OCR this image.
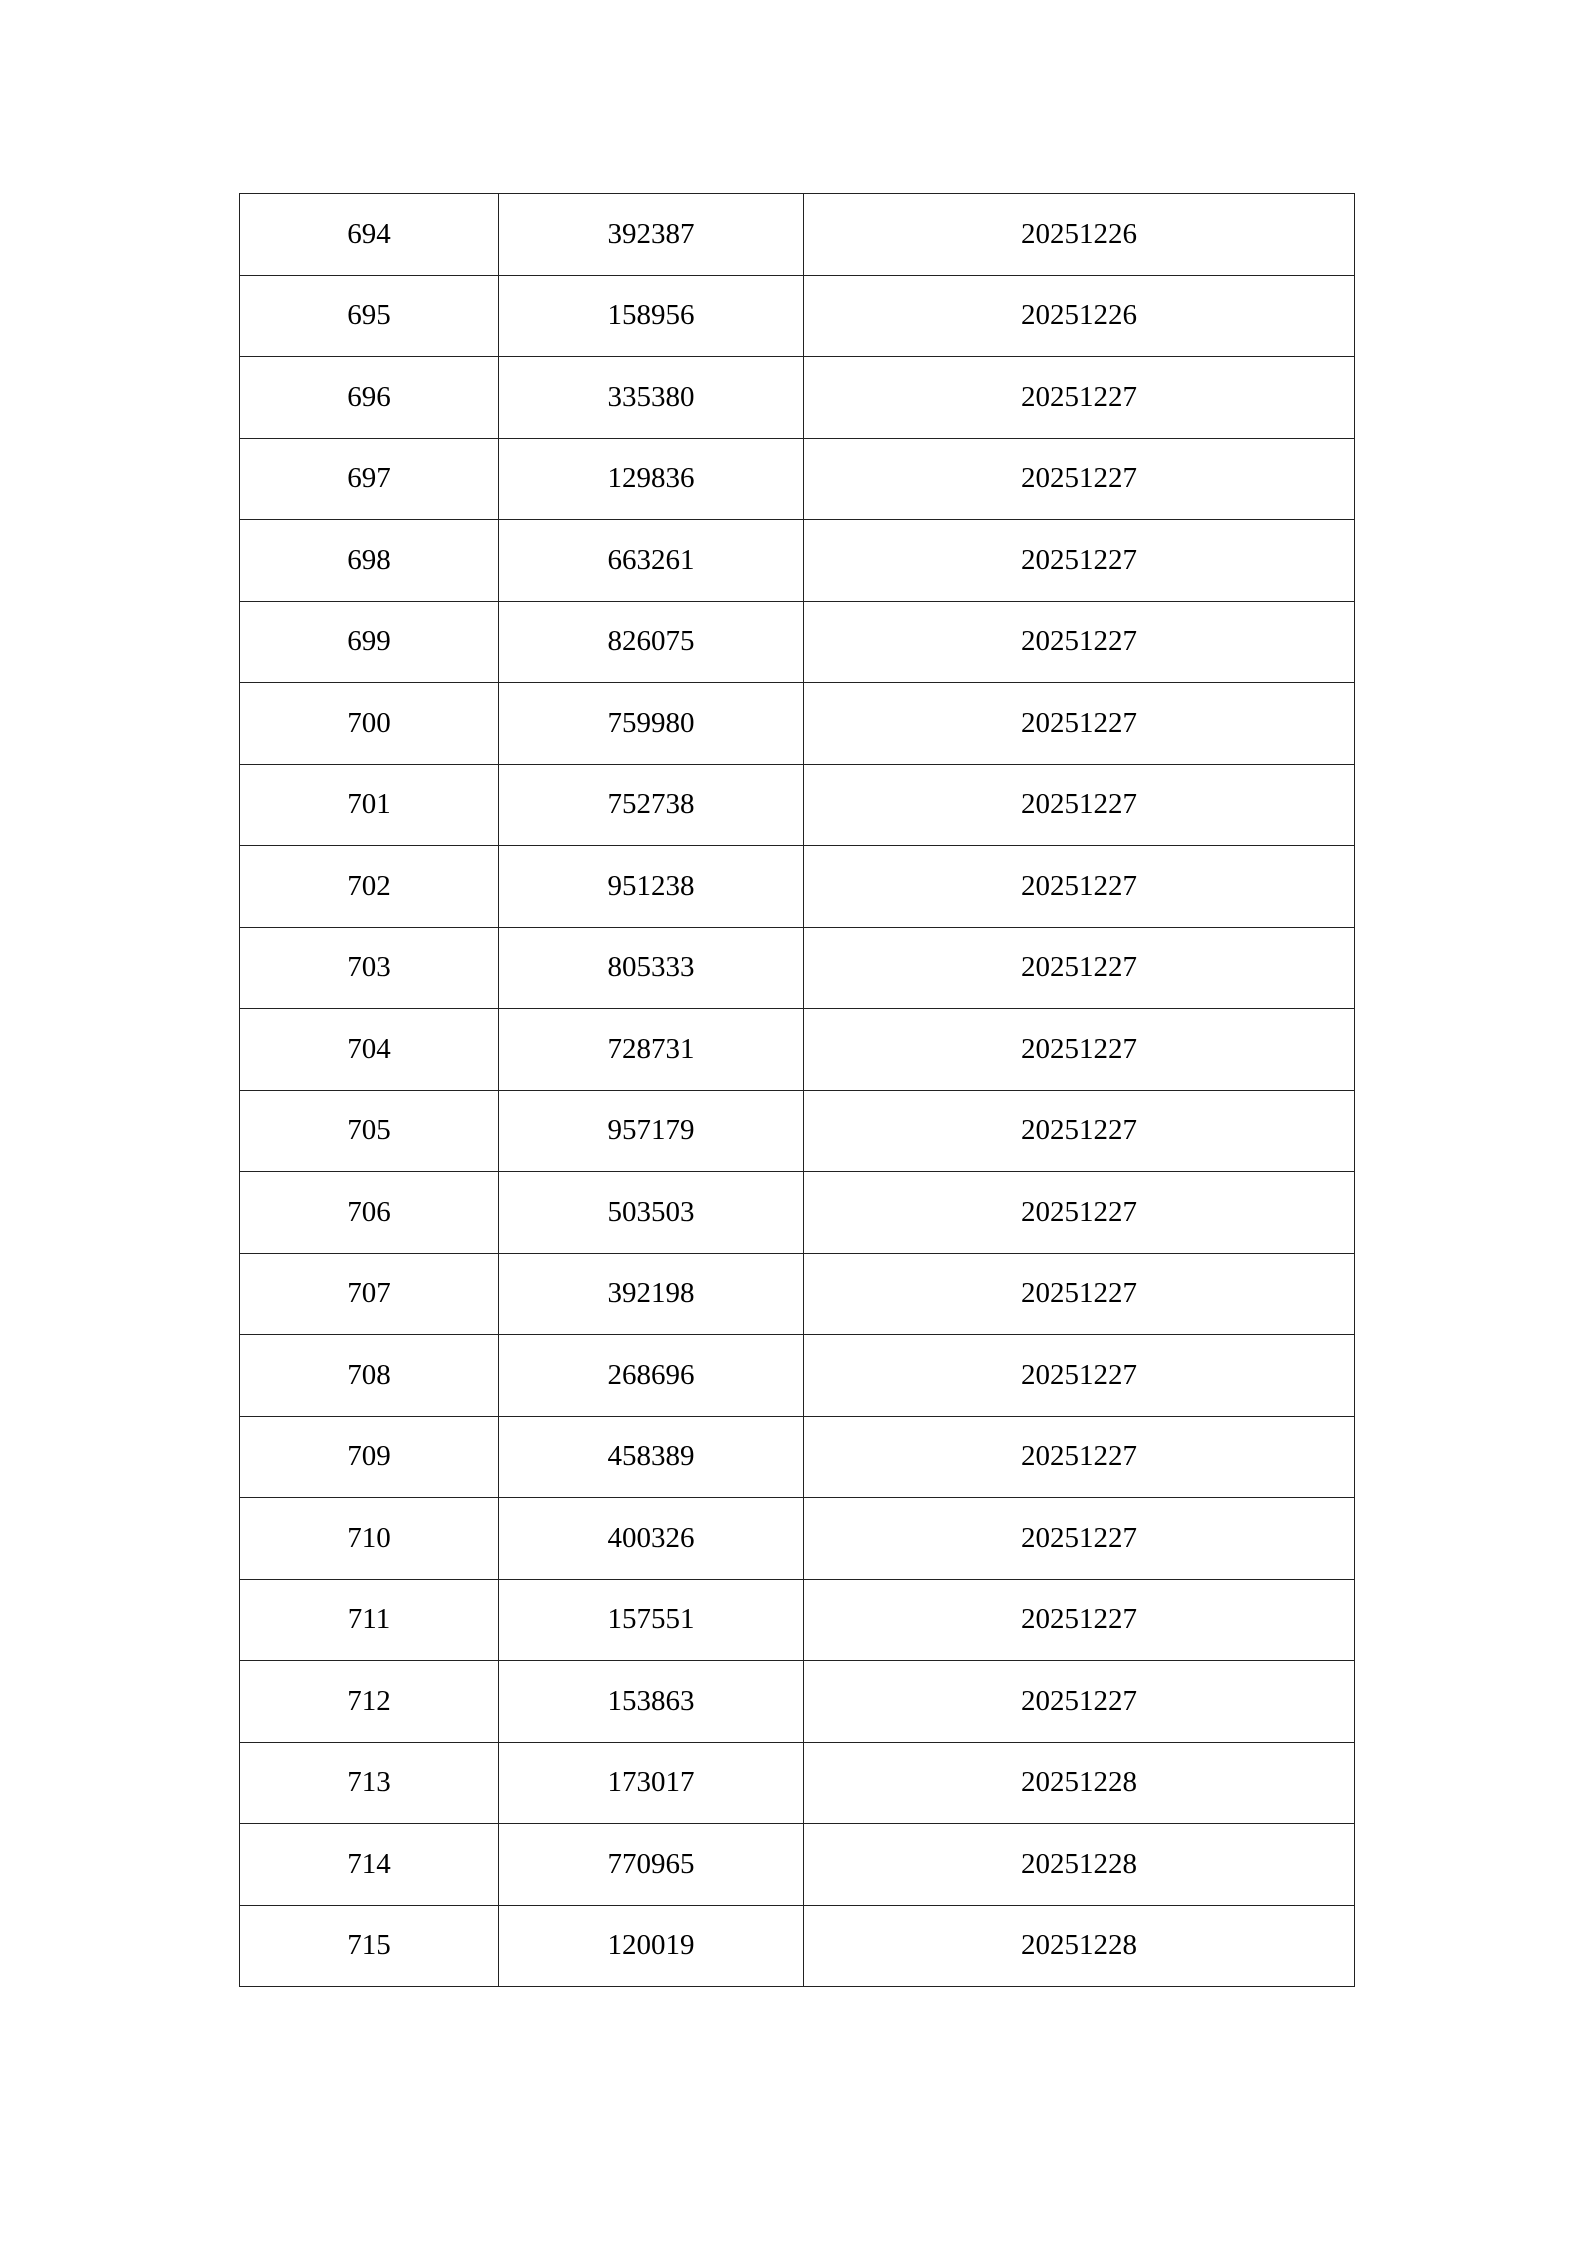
694	392387	20251226
695	158956	20251226
696	335380	20251227
697	129836	20251227
698	663261	20251227
699	826075	20251227
700	759980	20251227
701	752738	20251227
702	951238	20251227
703	805333	20251227
704	728731	20251227
705	957179	20251227
706	503503	20251227
707	392198	20251227
708	268696	20251227
709	458389	20251227
710	400326	20251227
711	157551	20251227
712	153863	20251227
713	173017	20251228
714	770965	20251228
715	120019	20251228
